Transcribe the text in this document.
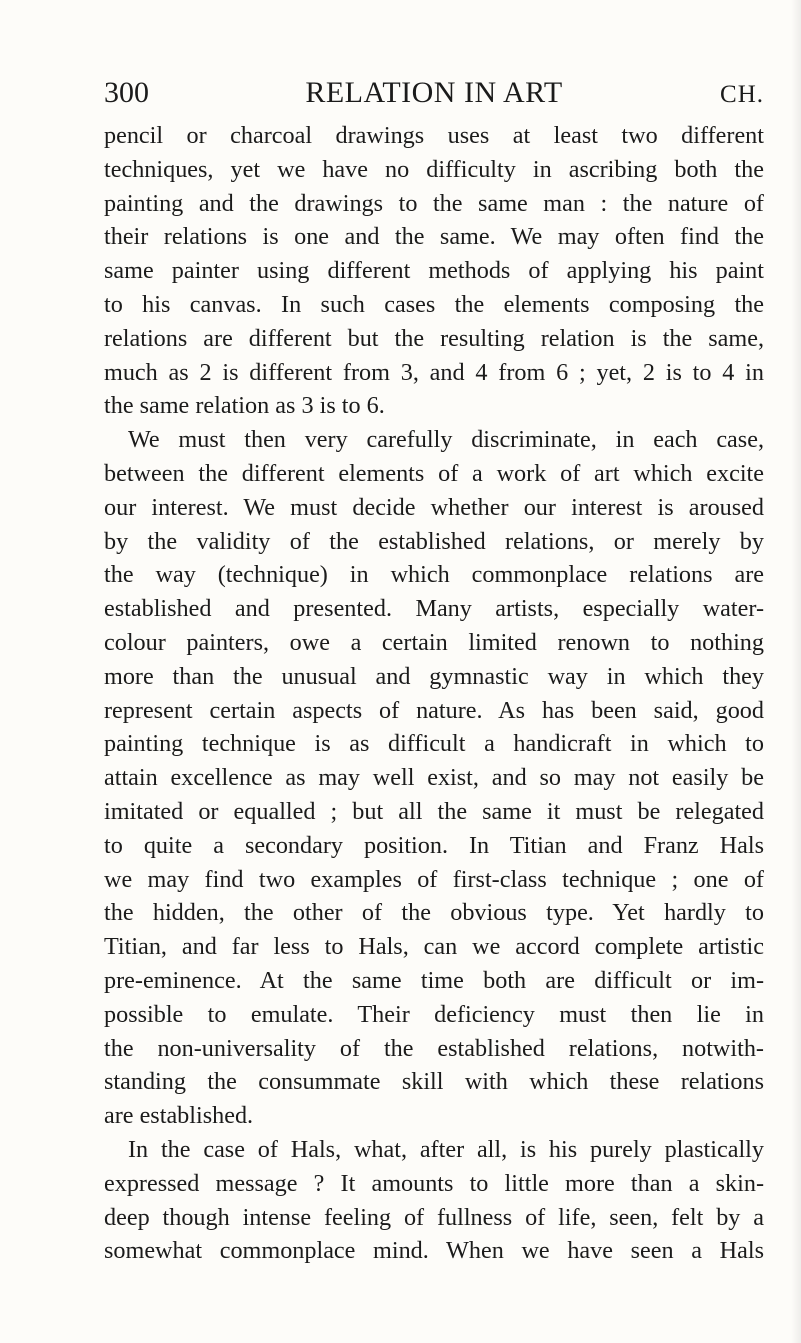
300	RELATION IN ART	CH.
pencil or charcoal drawings uses at least two different
techniques, yet we have no difficulty in ascribing both the
painting and the drawings to the same man : the nature of
their relations is one and the same. We may often find the
same painter using different methods of applying his paint
to his canvas. In such cases the elements composing the
relations are different but the resulting relation is the same,
much as 2 is different from 3, and 4 from 6 ; yet, 2 is to 4 in
the same relation as 3 is to 6.
We must then very carefully discriminate, in each case,
between the different elements of a work of art which excite
our interest. We must decide whether our interest is aroused
by the validity of the established relations, or merely by
the way (technique) in which commonplace relations are
established and presented. Many artists, especially water-
colour painters, owe a certain limited renown to nothing
more than the unusual and gymnastic way in which they
represent certain aspects of nature. As has been said, good
painting technique is as difficult a handicraft in which to
attain excellence as may well exist, and so may not easily be
imitated or equalled ; but all the same it must be relegated
to quite a secondary position. In Titian and Franz Hals
we may find two examples of first-class technique ; one of
the hidden, the other of the obvious type. Yet hardly to
Titian, and far less to Hals, can we accord complete artistic
pre-eminence. At the same time both are difficult or im-
possible to emulate. Their deficiency must then lie in
the non-universality of the established relations, notwith-
standing the consummate skill with which these relations
are established.
In the case of Hals, what, after all, is his purely plastically
expressed message ? It amounts to little more than a skin-
deep though intense feeling of fullness of life, seen, felt by a
somewhat commonplace mind. When we have seen a Hals
